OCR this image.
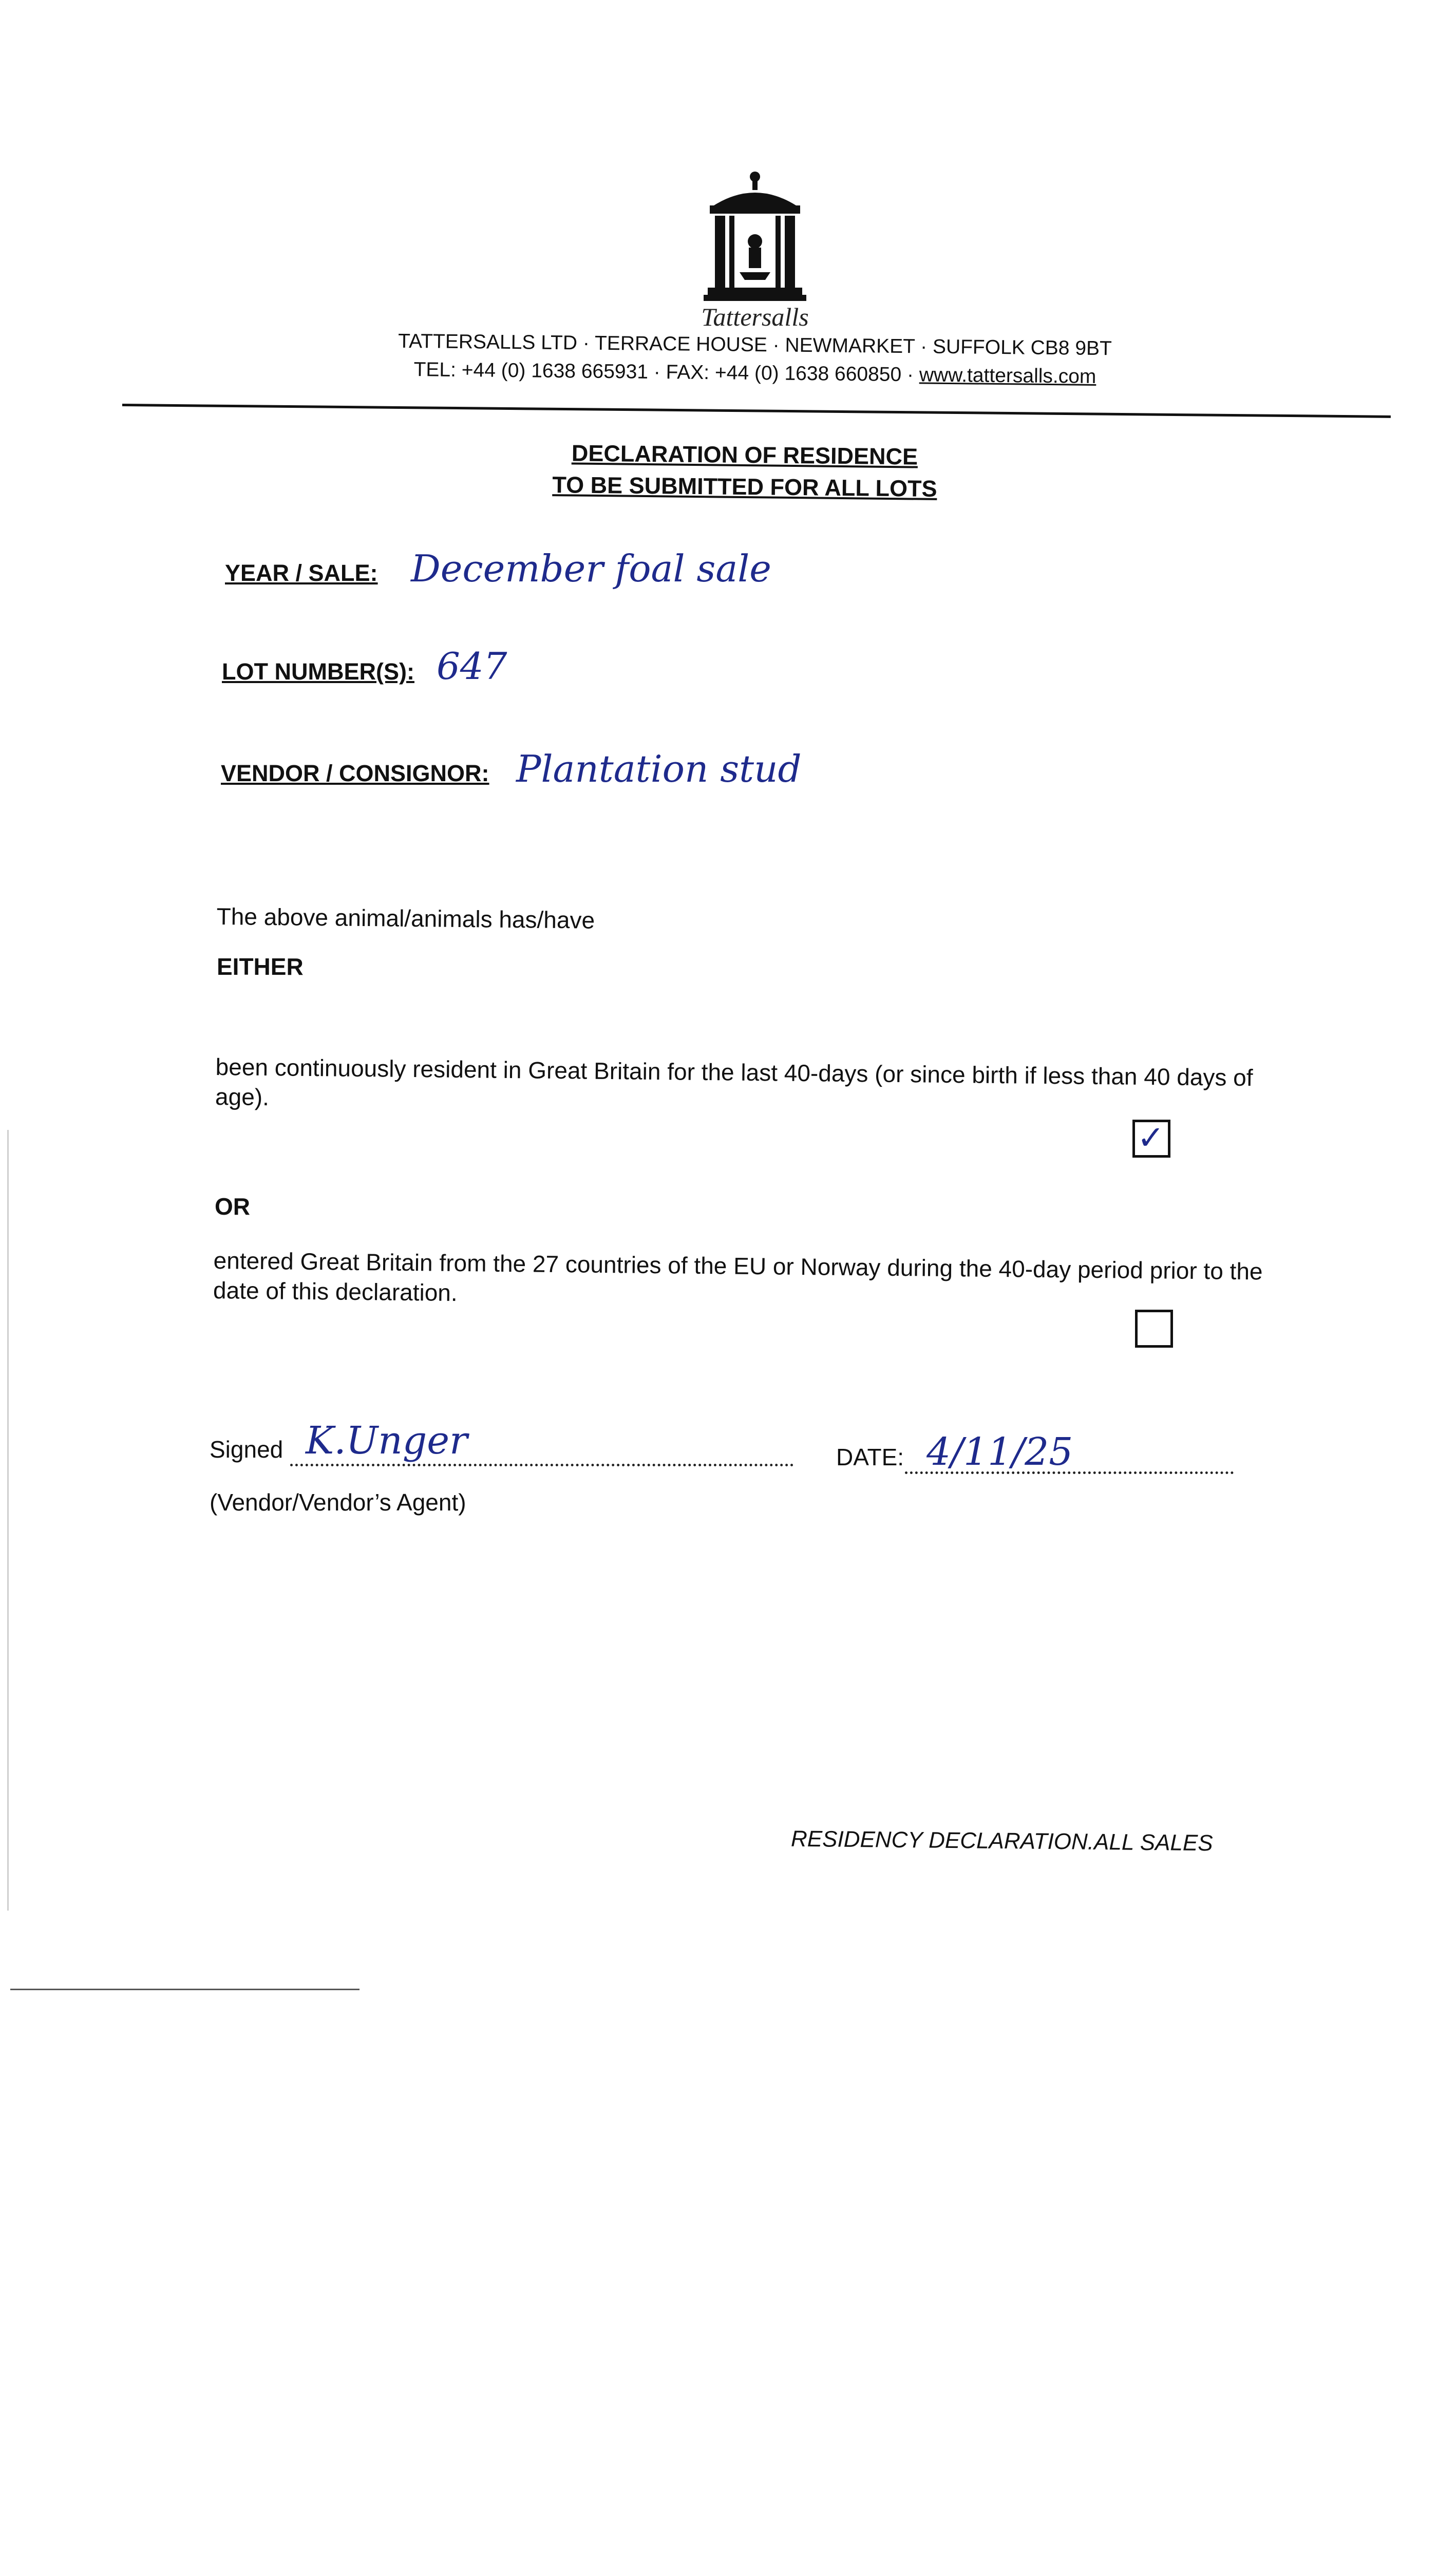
Tattersalls
TATTERSALLS LTD · TERRACE HOUSE · NEWMARKET · SUFFOLK CB8 9BT
TEL: +44 (0) 1638 665931 · FAX: +44 (0) 1638 660850 · www.tattersalls.com
DECLARATION OF RESIDENCE
TO BE SUBMITTED FOR ALL LOTS
YEAR / SALE: December foal sale
LOT NUMBER(S): 647
VENDOR / CONSIGNOR: Plantation stud
The above animal/animals has/have
EITHER
been continuously resident in Great Britain for the last 40-days (or since birth if less than 40 days of age).
✓
OR
entered Great Britain from the 27 countries of the EU or Norway during the 40-day period prior to the date of this declaration.
Signed K.Unger
(Vendor/Vendor’s Agent)
DATE: 4/11/25
RESIDENCY DECLARATION.ALL SALES
